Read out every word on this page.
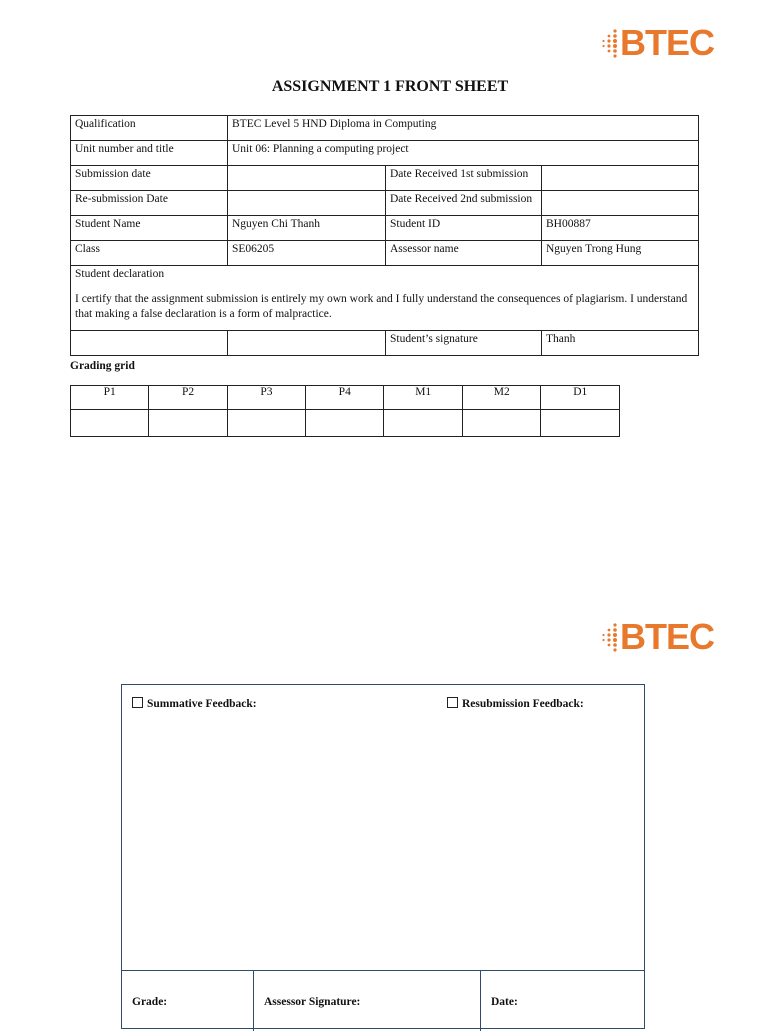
BTEC
ASSIGNMENT 1 FRONT SHEET
Qualification	BTEC Level 5 HND Diploma in Computing		
Unit number and title	Unit 06: Planning a computing project		
Submission date		Date Received 1st submission	
Re-submission Date		Date Received 2nd submission	
Student Name	Nguyen Chi Thanh	Student ID	BH00887
Class	SE06205	Assessor name	Nguyen Trong Hung

Student declaration
I certify that the assignment submission is entirely my own work and I fully understand the consequences of plagiarism. I understand that making a false declaration is a form of malpractice.			

		Student’s signature	Thanh
Grading grid
P1	P2	P3	P4	M1	M2	D1

BTEC
Summative Feedback:	Resubmission Feedback:
Grade:	Assessor Signature:	Date:
